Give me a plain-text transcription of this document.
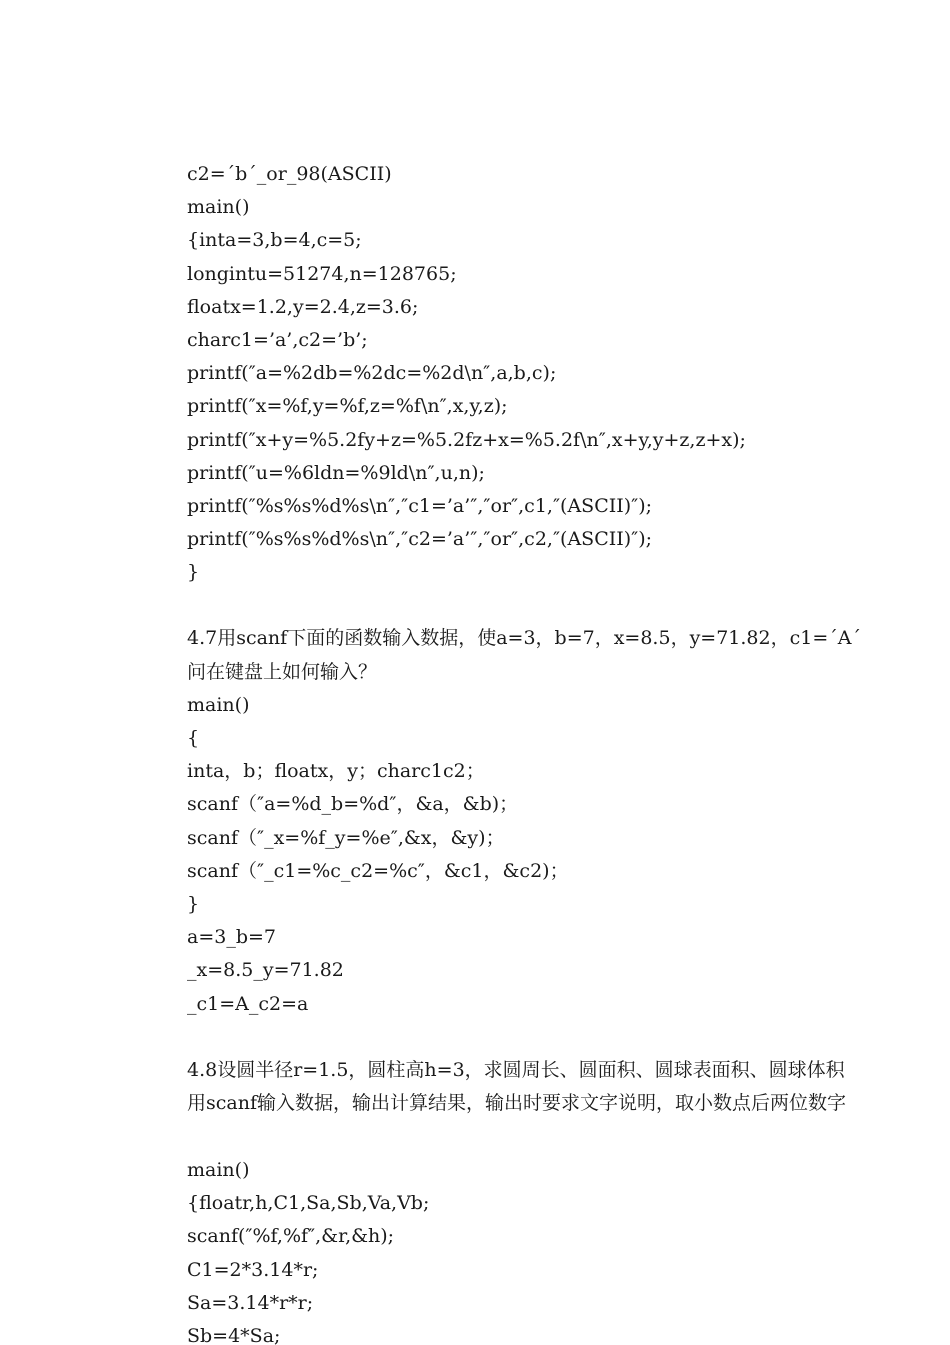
c2=´b´_or_98(ASCII)
main()
{inta=3,b=4,c=5;
longintu=51274,n=128765;
floatx=1.2,y=2.4,z=3.6;
charc1=’a’,c2=’b’;
printf(″a=%2db=%2dc=%2d\n″,a,b,c);
printf(″x=%f,y=%f,z=%f\n″,x,y,z);
printf(″x+y=%5.2fy+z=%5.2fz+x=%5.2f\n″,x+y,y+z,z+x);
printf(″u=%6ldn=%9ld\n″,u,n);
printf(″%s%s%d%s\n″,″c1=’a’″,″or″,c1,″(ASCII)″);
printf(″%s%s%d%s\n″,″c2=’a’″,″or″,c2,″(ASCII)″);
}
4.7用scanf下面的函数输入数据，使a=3，b=7，x=8.5，y=71.82，c1=´A´
问在键盘上如何输入？
main()
{
inta，b；floatx，y；charc1c2；
scanf（″a=%d_b=%d″，&a，&b)；
scanf（″_x=%f_y=%e″,&x，&y)；
scanf（″_c1=%c_c2=%c″，&c1，&c2)；
}
a=3_b=7
_x=8.5_y=71.82
_c1=A_c2=a
4.8设圆半径r=1.5，圆柱高h=3，求圆周长、圆面积、圆球表面积、圆球体积
用scanf输入数据，输出计算结果，输出时要求文字说明，取小数点后两位数字
main()
{floatr,h,C1,Sa,Sb,Va,Vb;
scanf(″%f,%f″,&r,&h);
C1=2*3.14*r;
Sa=3.14*r*r;
Sb=4*Sa;
